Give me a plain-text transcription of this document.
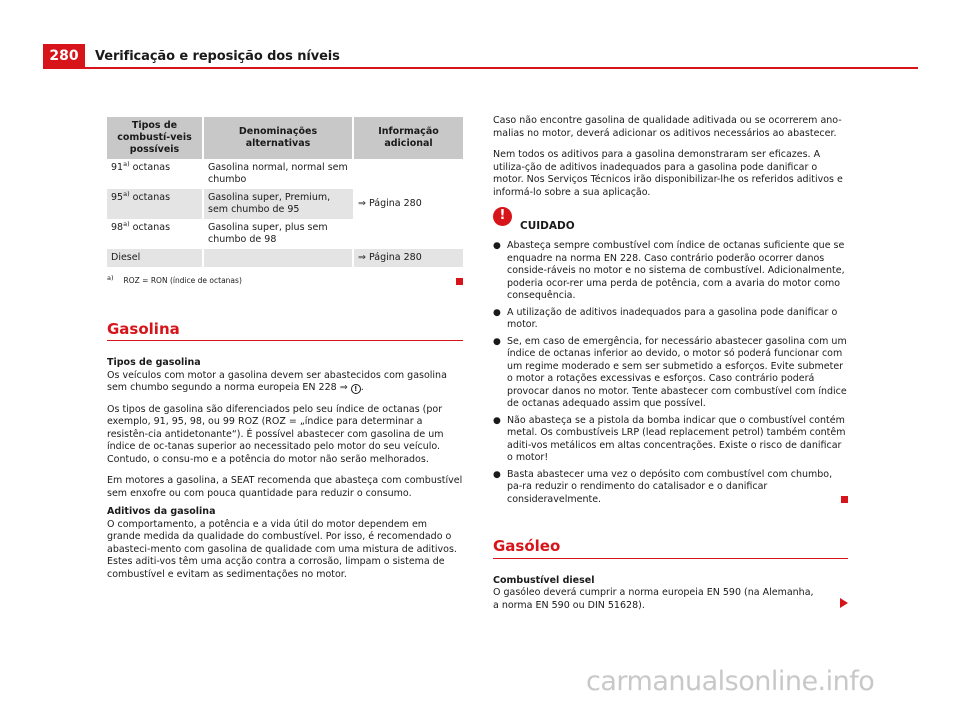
280	Verificação e reposição dos níveis
Tipos de combustí-veis possíveis	Denominações alternativas	Informação adicional
91$^{a)}$ octanas	Gasolina normal, normal sem chumbo	⇒ Página 280
95$^{a)}$ octanas	Gasolina super, Premium, sem chumbo de 95	
98$^{a)}$ octanas	Gasolina super, plus sem chumbo de 98	
Diesel		⇒ Página 280
a) ROZ = RON (índice de octanas)
Gasolina
Tipos de gasolina

Os veículos com motor a gasolina devem ser abastecidos com gasolina sem chumbo segundo a norma europeia EN 228 ⇒ ! .

Os tipos de gasolina são diferenciados pelo seu índice de octanas (por exemplo, 91, 95, 98, ou 99 ROZ (ROZ = „índice para determinar a resistên-cia antidetonante“). É possível abastecer com gasolina de um índice de oc-tanas superior ao necessitado pelo motor do seu veículo. Contudo, o consu-mo e a potência do motor não serão melhorados.

Em motores a gasolina, a SEAT recomenda que abasteça com combustível sem enxofre ou com pouca quantidade para reduzir o consumo.

Aditivos da gasolina

O comportamento, a potência e a vida útil do motor dependem em grande medida da qualidade do combustível. Por isso, é recomendado o abasteci-mento com gasolina de qualidade com uma mistura de aditivos. Estes aditi-vos têm uma acção contra a corrosão, limpam o sistema de combustível e evitam as sedimentações no motor.

Caso não encontre gasolina de qualidade aditivada ou se ocorrerem ano-malias no motor, deverá adicionar os aditivos necessários ao abastecer.

Nem todos os aditivos para a gasolina demonstraram ser eficazes. A utiliza-ção de aditivos inadequados para a gasolina pode danificar o motor. Nos Serviços Técnicos irão disponibilizar-lhe os referidos aditivos e informá-lo sobre a sua aplicação.

!
CUIDADO
● Abasteça sempre combustível com índice de octanas suficiente que se enquadre na norma EN 228. Caso contrário poderão ocorrer danos conside-ráveis no motor e no sistema de combustível. Adicionalmente, poderia ocor-rer uma perda de potência, com a avaria do motor como consequência.
● A utilização de aditivos inadequados para a gasolina pode danificar o motor.
● Se, em caso de emergência, for necessário abastecer gasolina com um índice de octanas inferior ao devido, o motor só poderá funcionar com um regime moderado e sem ser submetido a esforços. Evite submeter o motor a rotações excessivas e esforços. Caso contrário poderá provocar danos no motor. Tente abastecer com combustível com índice de octanas adequado assim que possível.
● Não abasteça se a pistola da bomba indicar que o combustível contém metal. Os combustíveis LRP (lead replacement petrol) também contêm aditi-vos metálicos em altas concentrações. Existe o risco de danificar o motor!
● Basta abastecer uma vez o depósito com combustível com chumbo, pa-ra reduzir o rendimento do catalisador e o danificar consideravelmente.
Gasóleo
Combustível diesel

O gasóleo deverá cumprir a norma europeia EN 590 (na Alemanha, a norma EN 590 ou DIN 51628).

carmanualsonline.info
